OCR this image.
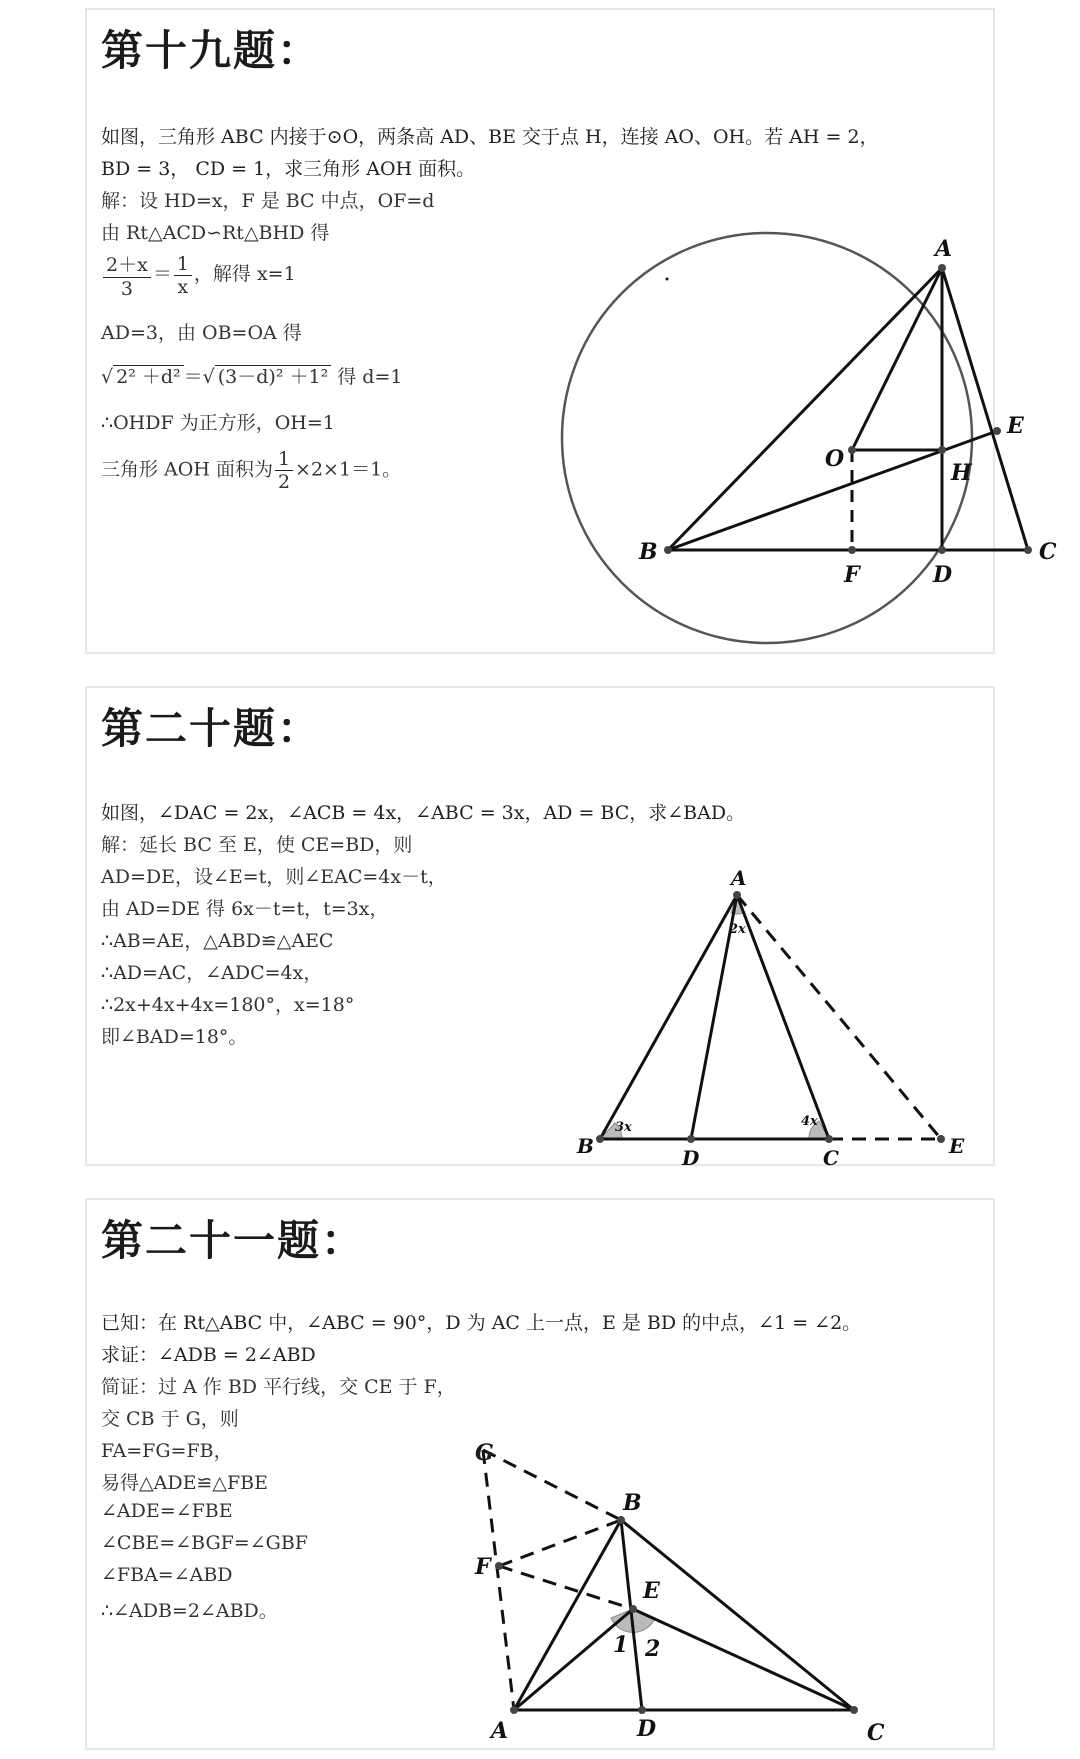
第十九题：
如图，三角形 ABC 内接于⊙O，两条高 AD、BE 交于点 H，连接 AO、OH。若 AH = 2，
BD = 3， CD = 1，求三角形 AOH 面积。
解：设 HD=x，F 是 BC 中点，OF=d
由 Rt△ACD∽Rt△BHD 得
$\frac{2+x}{3} = \frac{1}{x}$ ，解得 x=1
AD=3，由 OB=OA 得
√ 2² ＋d² ＝√ (3－d)² ＋1² 得 d=1
∴OHDF 为正方形，OH=1
三角形 AOH 面积为 $\frac{1}{2} \times 2\times 1=1$。
A
B	C
D
E
F
H
O
第二十题：
如图，∠DAC = 2x，∠ACB = 4x，∠ABC = 3x，AD = BC，求∠BAD。
解：延长 BC 至 E，使 CE=BD，则
AD=DE，设∠E=t，则∠EAC=4x－t，
由 AD=DE 得 6x－t=t，t=3x，
∴AB=AE，△ABD≌△AEC
∴AD=AC，∠ADC=4x，
∴2x+4x+4x=180°，x=18°
即∠BAD=18°。
A
B	D	C	E
2x
3x	4x
第二十一题：
已知：在 Rt△ABC 中，∠ABC = 90°，D 为 AC 上一点，E 是 BD 的中点，∠1 = ∠2。
求证：∠ADB = 2∠ABD
简证：过 A 作 BD 平行线，交 CE 于 F，
交 CB 于 G，则
FA=FG=FB，
易得△ADE≌△FBE
∠ADE=∠FBE
∠CBE=∠BGF=∠GBF
∠FBA=∠ABD
∴∠ADB=2∠ABD。
B
A	C
D
E
F
1 2
G
